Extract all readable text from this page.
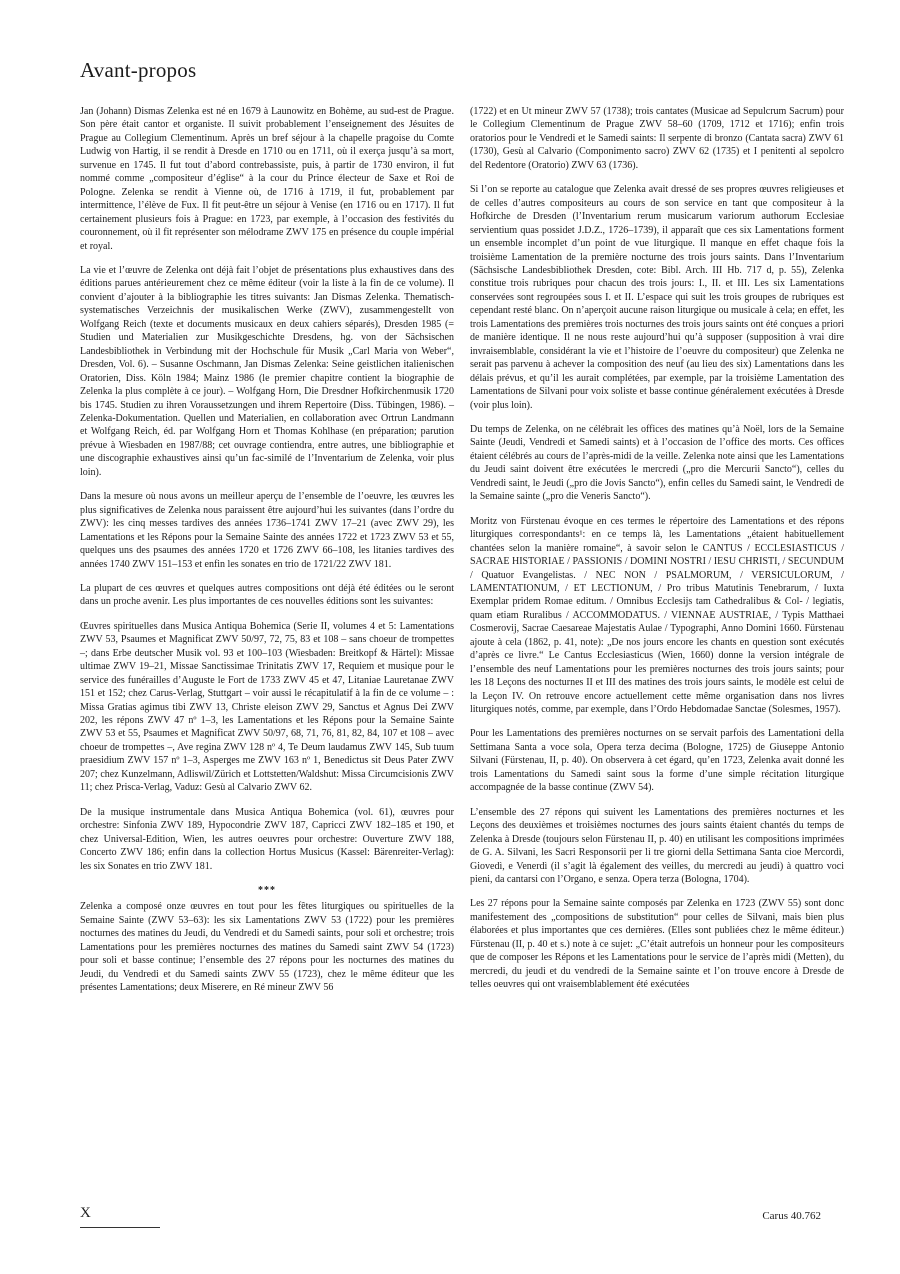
Avant-propos

Jan (Johann) Dismas Zelenka est né en 1679 à Launowitz en Bohème, au sud-est de Prague. Son père était cantor et organiste. Il suivit probablement l’enseignement des Jésuites de Prague au Collegium Clementinum. Après un bref séjour à la chapelle pragoise du Comte Ludwig von Hartig, il se rendit à Dresde en 1710 ou en 1711, où il exerça jusqu’à sa mort, survenue en 1745. Il fut tout d’abord contrebassiste, puis, à partir de 1730 environ, il fut nommé comme „compositeur d’église“ à la cour du Prince électeur de Saxe et Roi de Pologne. Zelenka se rendit à Vienne où, de 1716 à 1719, il fut, probablement par intermittence, l’élève de Fux. Il fit peut-être un séjour à Venise (en 1716 ou en 1717). Il fut certainement plusieurs fois à Prague: en 1723, par exemple, à l’occasion des festivités du couronnement, où il fit représenter son mélodrame ZWV 175 en présence du couple impérial et royal.

La vie et l’œuvre de Zelenka ont déjà fait l’objet de présentations plus exhaustives dans des éditions parues antérieurement chez ce même éditeur (voir la liste à la fin de ce volume). Il convient d’ajouter à la bibliographie les titres suivants: Jan Dismas Zelenka. Thematisch-systematisches Verzeichnis der musikalischen Werke (ZWV), zusammengestellt von Wolfgang Reich (texte et documents musicaux en deux cahiers séparés), Dresden 1985 (= Studien und Materialien zur Musikgeschichte Dresdens, hg. von der Sächsischen Landesbibliothek in Verbindung mit der Hochschule für Musik „Carl Maria von Weber“, Dresden, Vol. 6). – Susanne Oschmann, Jan Dismas Zelenka: Seine geistlichen italienischen Oratorien, Diss. Köln 1984; Mainz 1986 (le premier chapitre contient la biographie de Zelenka la plus complète à ce jour). – Wolfgang Horn, Die Dresdner Hofkirchenmusik 1720 bis 1745. Studien zu ihren Voraussetzungen und ihrem Repertoire (Diss. Tübingen, 1986). – Zelenka-Dokumentation. Quellen und Materialien, en collaboration avec Ortrun Landmann et Wolfgang Reich, éd. par Wolfgang Horn et Thomas Kohlhase (en préparation; parution prévue à Wiesbaden en 1987/88; cet ouvrage contiendra, entre autres, une bibliographie et une discographie exhaustives ainsi qu’un fac-similé de l’Inventarium de Zelenka, voir plus loin).

Dans la mesure où nous avons un meilleur aperçu de l’ensemble de l’oeuvre, les œuvres les plus significatives de Zelenka nous paraissent être aujourd’hui les suivantes (dans l’ordre du ZWV): les cinq messes tardives des années 1736–1741 ZWV 17–21 (avec ZWV 29), les Lamentations et les Répons pour la Semaine Sainte des années 1722 et 1723 ZWV 53 et 55, quelques uns des psaumes des années 1720 et 1726 ZWV 66–108, les litanies tardives des années 1740 ZWV 151–153 et enfin les sonates en trio de 1721/22 ZWV 181.

La plupart de ces œuvres et quelques autres compositions ont déjà été éditées ou le seront dans un proche avenir. Les plus importantes de ces nouvelles éditions sont les suivantes:

Œuvres spirituelles dans Musica Antiqua Bohemica (Serie II, volumes 4 et 5: Lamentations ZWV 53, Psaumes et Magnificat ZWV 50/97, 72, 75, 83 et 108 – sans choeur de trompettes –; dans Erbe deutscher Musik vol. 93 et 100–103 (Wiesbaden: Breitkopf & Härtel): Missae ultimae ZWV 19–21, Missae Sanctissimae Trinitatis ZWV 17, Requiem et musique pour le service des funérailles d’Auguste le Fort de 1733 ZWV 45 et 47, Litaniae Lauretanae ZWV 151 et 152; chez Carus-Verlag, Stuttgart – voir aussi le récapitulatif à la fin de ce volume – : Missa Gratias agimus tibi ZWV 13, Christe eleison ZWV 29, Sanctus et Agnus Dei ZWV 202, les répons ZWV 47 nº 1–3, les Lamentations et les Répons pour la Semaine Sainte ZWV 53 et 55, Psaumes et Magnificat ZWV 50/97, 68, 71, 76, 81, 82, 84, 107 et 108 – avec choeur de trompettes –, Ave regina ZWV 128 nº 4, Te Deum laudamus ZWV 145, Sub tuum praesidium ZWV 157 nº 1–3, Asperges me ZWV 163 nº 1, Benedictus sit Deus Pater ZWV 207; chez Kunzelmann, Adliswil/Zürich et Lottstetten/Waldshut: Missa Circumcisionis ZWV 11; chez Prisca-Verlag, Vaduz: Gesù al Calvario ZWV 62.

De la musique instrumentale dans Musica Antiqua Bohemica (vol. 61), œuvres pour orchestre: Sinfonia ZWV 189, Hypocondrie ZWV 187, Capricci ZWV 182–185 et 190, et chez Universal-Edition, Wien, les autres oeuvres pour orchestre: Ouverture ZWV 188, Concerto ZWV 186; enfin dans la collection Hortus Musicus (Kassel: Bärenreiter-Verlag): les six Sonates en trio ZWV 181.

***

Zelenka a composé onze œuvres en tout pour les fêtes liturgiques ou spirituelles de la Semaine Sainte (ZWV 53–63): les six Lamentations ZWV 53 (1722) pour les premières nocturnes des matines du Jeudi, du Vendredi et du Samedi saints, pour soli et orchestre; trois Lamentations pour les premières nocturnes des matines du Samedi saint ZWV 54 (1723) pour soli et basse continue; l’ensemble des 27 répons pour les nocturnes des matines du Jeudi, du Vendredi et du Samedi saints ZWV 55 (1723), chez le même éditeur que les présentes Lamentations; deux Miserere, en Ré mineur ZWV 56

(1722) et en Ut mineur ZWV 57 (1738); trois cantates (Musicae ad Sepulcrum Sacrum) pour le Collegium Clementinum de Prague ZWV 58–60 (1709, 1712 et 1716); enfin trois oratorios pour le Vendredi et le Samedi saints: Il serpente di bronzo (Cantata sacra) ZWV 61 (1730), Gesù al Calvario (Componimento sacro) ZWV 62 (1735) et I penitenti al sepolcro del Redentore (Oratorio) ZWV 63 (1736).

Si l’on se reporte au catalogue que Zelenka avait dressé de ses propres œuvres religieuses et de celles d’autres compositeurs au cours de son service en tant que compositeur à la Hofkirche de Dresden (l’Inventarium rerum musicarum variorum authorum Ecclesiae servientium quas possidet J.D.Z., 1726–1739), il apparaît que ces six Lamentations forment un ensemble incomplet d’un point de vue liturgique. Il manque en effet chaque fois la troisième Lamentation de la première nocturne des trois jours saints. Dans l’Inventarium (Sächsische Landesbibliothek Dresden, cote: Bibl. Arch. III Hb. 717 d, p. 55), Zelenka constitue trois rubriques pour chacun des trois jours: I., II. et III. Les six Lamentations conservées sont regroupées sous I. et II. L’espace qui suit les trois groupes de rubriques est cependant resté blanc. On n’aperçoit aucune raison liturgique ou musicale à cela; en effet, les trois Lamentations des premières trois nocturnes des trois jours saints ont été conçues a priori de manière identique. Il ne nous reste aujourd’hui qu’à supposer (supposition à vrai dire invraisemblable, considérant la vie et l’histoire de l’oeuvre du compositeur) que Zelenka ne serait pas parvenu à achever la composition des neuf (au lieu des six) Lamentations dans les délais prévus, et qu’il les aurait complétées, par exemple, par la troisième Lamentation des Lamentations de Silvani pour voix soliste et basse continue généralement exécutées à Dresde (voir plus loin).

Du temps de Zelenka, on ne célébrait les offices des matines qu’à Noël, lors de la Semaine Sainte (Jeudi, Vendredi et Samedi saints) et à l’occasion de l’office des morts. Ces offices étaient célébrés au cours de l’après-midi de la veille. Zelenka note ainsi que les Lamentations du Jeudi saint doivent être exécutées le mercredi („pro die Mercurii Sancto“), celles du Vendredi saint, le Jeudi („pro die Jovis Sancto“), enfin celles du Samedi saint, le Vendredi de la Semaine sainte („pro die Veneris Sancto“).

Moritz von Fürstenau évoque en ces termes le répertoire des Lamentations et des répons liturgiques correspondants¹: en ce temps là, les Lamentations „étaient habituellement chantées selon la manière romaine“, à savoir selon le CANTUS / ECCLESIASTICUS / SACRAE HISTORIAE / PASSIONIS / DOMINI NOSTRI / IESU CHRISTI, / SECUNDUM / Quatuor Evangelistas. / NEC NON / PSALMORUM, / VERSICULORUM, / LAMENTATIONUM, / ET LECTIONUM, / Pro tribus Matutinis Tenebrarum, / Iuxta Exemplar pridem Romae editum. / Omnibus Ecclesijs tam Cathedralibus & Col- / legiatis, quam etiam Ruralibus / ACCOMMODATUS. / VIENNAE AUSTRIAE, / Typis Matthaei Cosmerovij, Sacrae Caesareae Majestatis Aulae / Typographi, Anno Domini 1660. Fürstenau ajoute à cela (1862, p. 41, note): „De nos jours encore les chants en question sont exécutés d’après ce livre.“ Le Cantus Ecclesiasticus (Wien, 1660) donne la version intégrale de l’ensemble des neuf Lamentations pour les premières nocturnes des trois jours saints; pour les 18 Leçons des nocturnes II et III des matines des trois jours saints, le modèle est celui de la Leçon IV. On retrouve encore actuellement cette même organisation dans nos livres liturgiques notés, comme, par exemple, dans l’Ordo Hebdomadae Sanctae (Solesmes, 1957).

Pour les Lamentations des premières nocturnes on se servait parfois des Lamentationi della Settimana Santa a voce sola, Opera terza decima (Bologne, 1725) de Giuseppe Antonio Silvani (Fürstenau, II, p. 40). On observera à cet égard, qu’en 1723, Zelenka avait donné les trois Lamentations du Samedi saint sous la forme d’une simple récitation liturgique accompagnée de la basse continue (ZWV 54).

L’ensemble des 27 répons qui suivent les Lamentations des premières nocturnes et les Leçons des deuxièmes et troisièmes nocturnes des jours saints étaient chantés du temps de Zelenka à Dresde (toujours selon Fürstenau II, p. 40) en utilisant les compositions imprimées de G. A. Silvani, les Sacri Responsorii per li tre giorni della Settimana Santa cioe Mercordì, Giovedì, e Venerdì (il s’agit là également des veilles, du mercredi au jeudi) à quattro voci pieni, da cantarsi con l’Organo, e senza. Opera terza (Bologna, 1704).

Les 27 répons pour la Semaine sainte composés par Zelenka en 1723 (ZWV 55) sont donc manifestement des „compositions de substitution“ pour celles de Silvani, mais bien plus élaborées et plus importantes que ces dernières. (Elles sont publiées chez le même éditeur.) Fürstenau (II, p. 40 et s.) note à ce sujet: „C’était autrefois un honneur pour les compositeurs que de composer les Répons et les Lamentations pour le service de l’après midi (Metten), du mercredi, du jeudi et du vendredi de la Semaine sainte et l’on trouve encore à Dresde de telles oeuvres qui ont vraisemblablement été exécutées

X	Carus 40.762
